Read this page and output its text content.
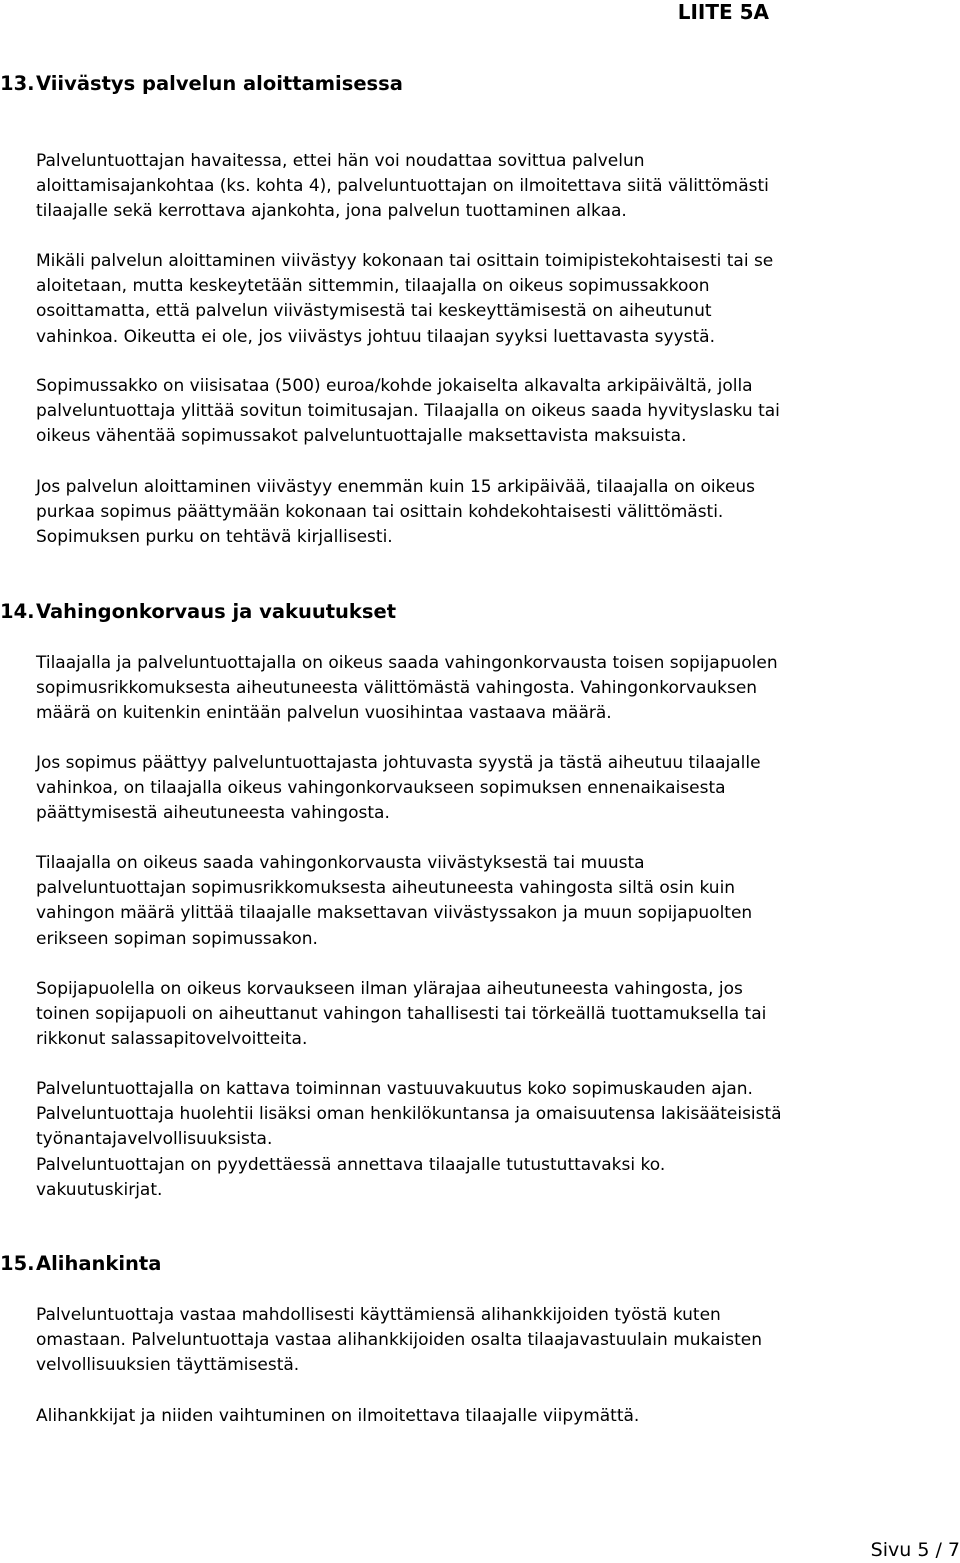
LIITE 5A
13.Viivästys palvelun aloittamisessa

Palveluntuottajan havaitessa, ettei hän voi noudattaa sovittua palvelun
aloittamisajankohtaa (ks. kohta 4), palveluntuottajan on ilmoitettava siitä välittömästi
tilaajalle sekä kerrottava ajankohta, jona palvelun tuottaminen alkaa.

Mikäli palvelun aloittaminen viivästyy kokonaan tai osittain toimipistekohtaisesti tai se
aloitetaan, mutta keskeytetään sittemmin, tilaajalla on oikeus sopimussakkoon
osoittamatta, että palvelun viivästymisestä tai keskeyttämisestä on aiheutunut
vahinkoa. Oikeutta ei ole, jos viivästys johtuu tilaajan syyksi luettavasta syystä.

Sopimussakko on viisisataa (500) euroa/kohde jokaiselta alkavalta arkipäivältä, jolla
palveluntuottaja ylittää sovitun toimitusajan. Tilaajalla on oikeus saada hyvityslasku tai
oikeus vähentää sopimussakot palveluntuottajalle maksettavista maksuista.

Jos palvelun aloittaminen viivästyy enemmän kuin 15 arkipäivää, tilaajalla on oikeus
purkaa sopimus päättymään kokonaan tai osittain kohdekohtaisesti välittömästi.
Sopimuksen purku on tehtävä kirjallisesti.

14.Vahingonkorvaus ja vakuutukset

Tilaajalla ja palveluntuottajalla on oikeus saada vahingonkorvausta toisen sopijapuolen
sopimusrikkomuksesta aiheutuneesta välittömästä vahingosta. Vahingonkorvauksen
määrä on kuitenkin enintään palvelun vuosihintaa vastaava määrä.

Jos sopimus päättyy palveluntuottajasta johtuvasta syystä ja tästä aiheutuu tilaajalle
vahinkoa, on tilaajalla oikeus vahingonkorvaukseen sopimuksen ennenaikaisesta
päättymisestä aiheutuneesta vahingosta.

Tilaajalla on oikeus saada vahingonkorvausta viivästyksestä tai muusta
palveluntuottajan sopimusrikkomuksesta aiheutuneesta vahingosta siltä osin kuin
vahingon määrä ylittää tilaajalle maksettavan viivästyssakon ja muun sopijapuolten
erikseen sopiman sopimussakon.

Sopijapuolella on oikeus korvaukseen ilman ylärajaa aiheutuneesta vahingosta, jos
toinen sopijapuoli on aiheuttanut vahingon tahallisesti tai törkeällä tuottamuksella tai
rikkonut salassapitovelvoitteita.

Palveluntuottajalla on kattava toiminnan vastuuvakuutus koko sopimuskauden ajan.
Palveluntuottaja huolehtii lisäksi oman henkilökuntansa ja omaisuutensa lakisääteisistä
työnantajavelvollisuuksista.
Palveluntuottajan on pyydettäessä annettava tilaajalle tutustuttavaksi ko.
vakuutuskirjat.

15.Alihankinta

Palveluntuottaja vastaa mahdollisesti käyttämiensä alihankkijoiden työstä kuten
omastaan. Palveluntuottaja vastaa alihankkijoiden osalta tilaajavastuulain mukaisten
velvollisuuksien täyttämisestä.

Alihankkijat ja niiden vaihtuminen on ilmoitettava tilaajalle viipymättä.

Sivu 5 / 7
